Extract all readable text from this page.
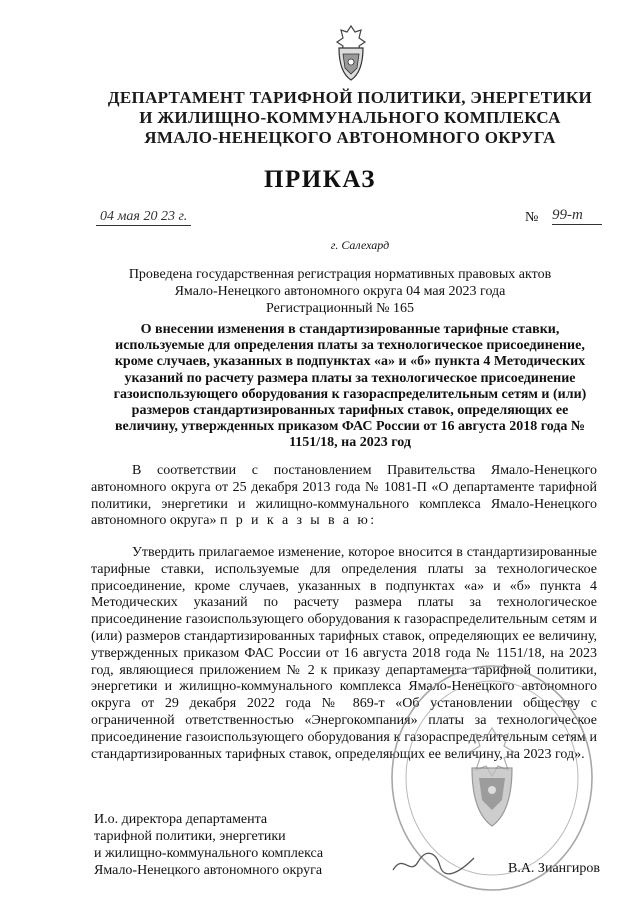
ДЕПАРТАМЕНТ ТАРИФНОЙ ПОЛИТИКИ, ЭНЕРГЕТИКИ
И ЖИЛИЩНО-КОММУНАЛЬНОГО КОМПЛЕКСА
ЯМАЛО-НЕНЕЦКОГО АВТОНОМНОГО ОКРУГА
ПРИКАЗ
04 мая 20 23 г.	№ 99-т
г. Салехард
Проведена государственная регистрация нормативных правовых актов
Ямало-Ненецкого автономного округа 04 мая 2023 года
Регистрационный № 165
О внесении изменения в стандартизированные тарифные ставки, используемые для определения платы за технологическое присоединение, кроме случаев, указанных в подпунктах «а» и «б» пункта 4 Методических указаний по расчету размера платы за технологическое присоединение газоиспользующего оборудования к газораспределительным сетям и (или) размеров стандартизированных тарифных ставок, определяющих ее величину, утвержденных приказом ФАС России от 16 августа 2018 года № 1151/18, на 2023 год
В соответствии с постановлением Правительства Ямало-Ненецкого автономного округа от 25 декабря 2013 года № 1081-П «О департаменте тарифной политики, энергетики и жилищно-коммунального комплекса Ямало-Ненецкого автономного округа» п р и к а з ы в а ю:
Утвердить прилагаемое изменение, которое вносится в стандартизированные тарифные ставки, используемые для определения платы за технологическое присоединение, кроме случаев, указанных в подпунктах «а» и «б» пункта 4 Методических указаний по расчету размера платы за технологическое присоединение газоиспользующего оборудования к газораспределительным сетям и (или) размеров стандартизированных тарифных ставок, определяющих ее величину, утвержденных приказом ФАС России от 16 августа 2018 года № 1151/18, на 2023 год, являющиеся приложением № 2 к приказу департамента тарифной политики, энергетики и жилищно-коммунального комплекса Ямало-Ненецкого автономного округа от 29 декабря 2022 года № 869-т «Об установлении обществу с ограниченной ответственностью «Энергокомпания» платы за технологическое присоединение газоиспользующего оборудования к газораспределительным сетям и стандартизированных тарифных ставок, определяющих ее величину, на 2023 год».
И.о. директора департамента
тарифной политики, энергетики
и жилищно-коммунального комплекса
Ямало-Ненецкого автономного округа	В.А. Зиангиров
